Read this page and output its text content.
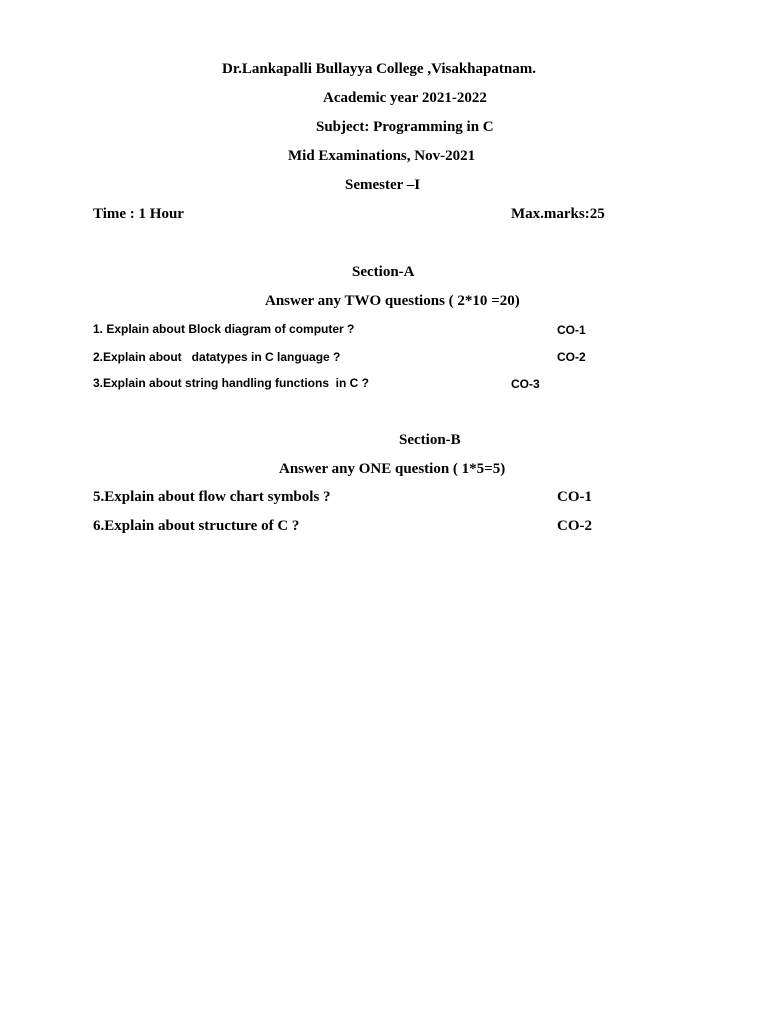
Dr.Lankapalli Bullayya College ,Visakhapatnam.
Academic year 2021-2022
Subject: Programming in C
Mid Examinations, Nov-2021
Semester –I
Time : 1 Hour	Max.marks:25
Section-A
Answer any TWO questions ( 2*10 =20)
1. Explain about Block diagram of computer ?	CO-1
2.Explain about   datatypes in C language ?	CO-2
3.Explain about string handling functions  in C ?	CO-3
Section-B
Answer any ONE question ( 1*5=5)
5.Explain about flow chart symbols ?	CO-1
6.Explain about structure of C ?	CO-2
